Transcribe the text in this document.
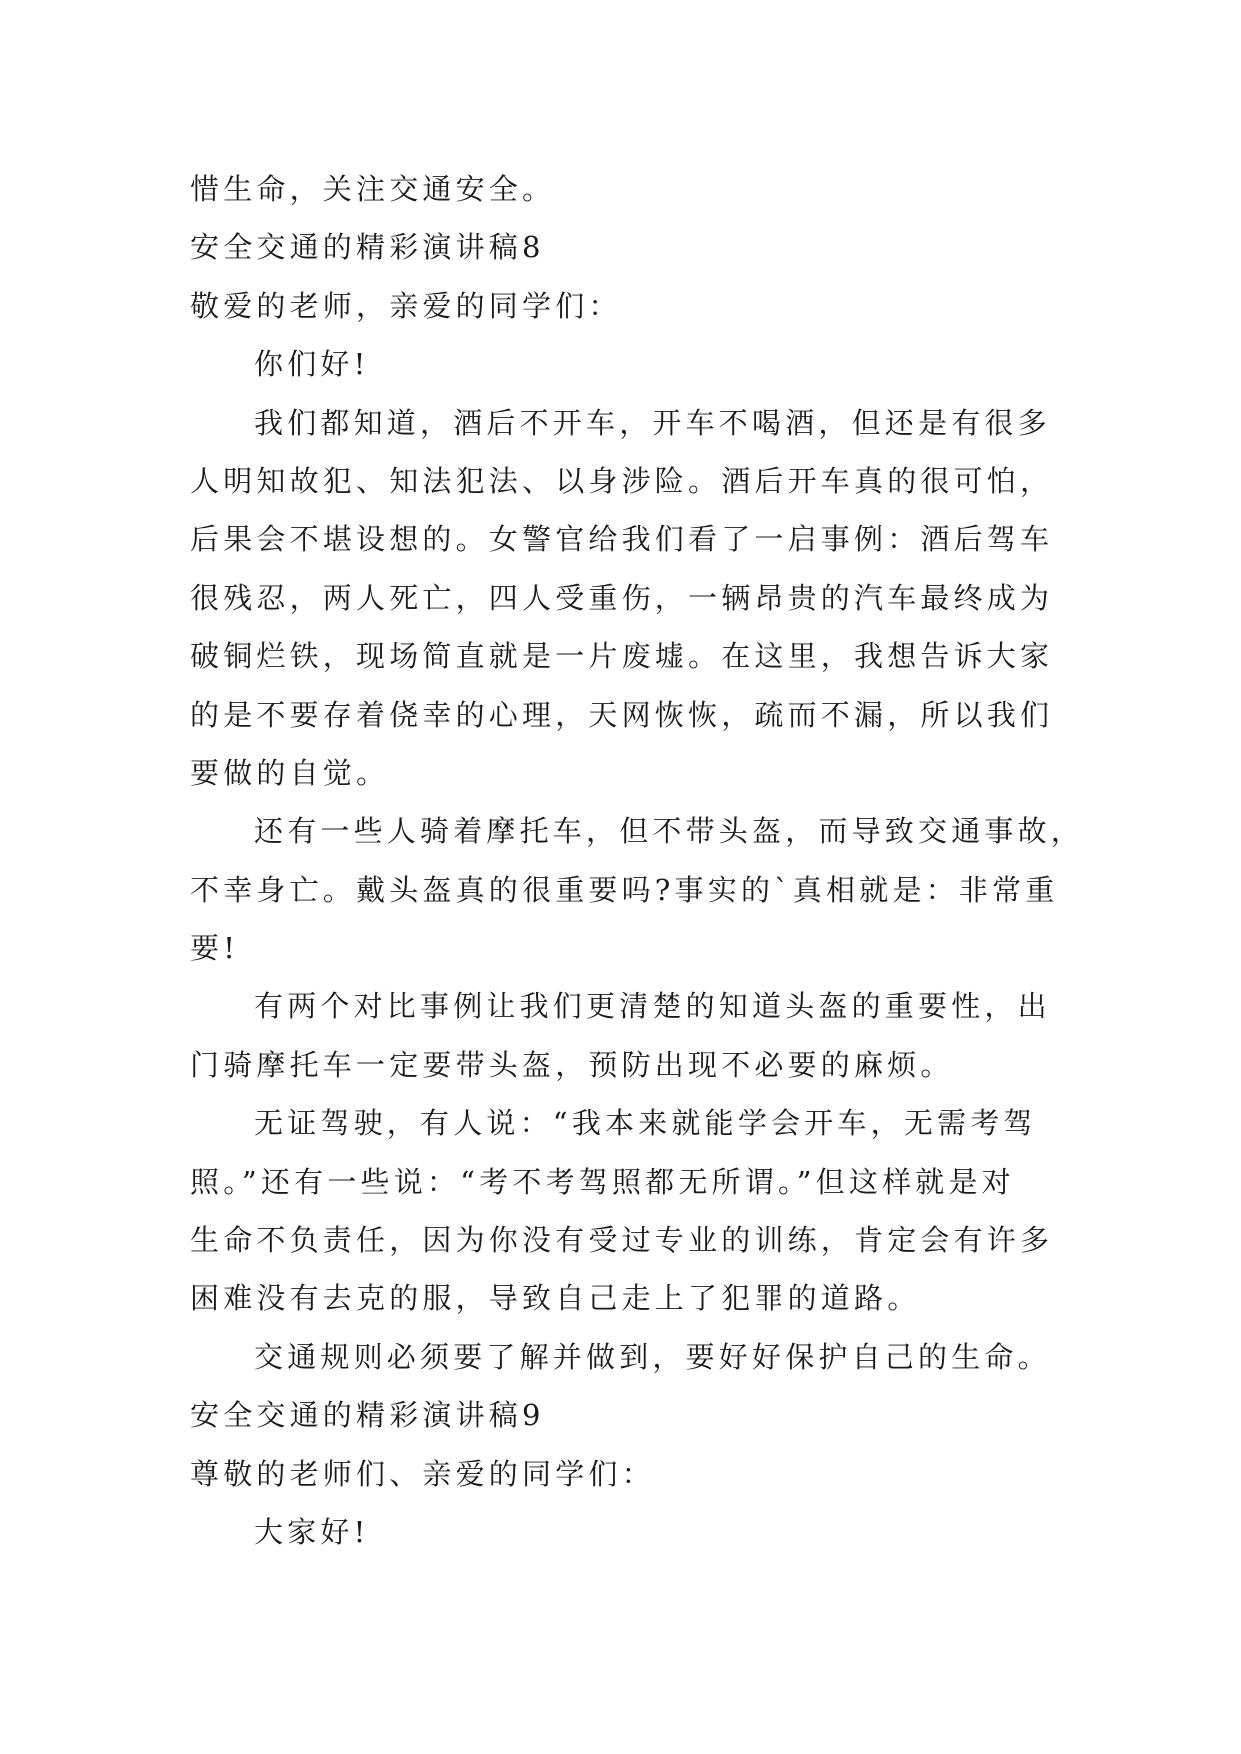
惜生命，关注交通安全。
安全交通的精彩演讲稿8
敬爱的老师，亲爱的同学们：
你们好!
我们都知道，酒后不开车，开车不喝酒，但还是有很多
人明知故犯、知法犯法、以身涉险。酒后开车真的很可怕，
后果会不堪设想的。女警官给我们看了一启事例：酒后驾车
很残忍，两人死亡，四人受重伤，一辆昂贵的汽车最终成为
破铜烂铁，现场简直就是一片废墟。在这里，我想告诉大家
的是不要存着侥幸的心理，天网恢恢，疏而不漏，所以我们
要做的自觉。
还有一些人骑着摩托车，但不带头盔，而导致交通事故，
不幸身亡。戴头盔真的很重要吗?事实的`真相就是：非常重
要!
有两个对比事例让我们更清楚的知道头盔的重要性，出
门骑摩托车一定要带头盔，预防出现不必要的麻烦。
无证驾驶，有人说：“我本来就能学会开车，无需考驾
照。”还有一些说：“考不考驾照都无所谓。”但这样就是对
生命不负责任，因为你没有受过专业的训练，肯定会有许多
困难没有去克的服，导致自己走上了犯罪的道路。
交通规则必须要了解并做到，要好好保护自己的生命。
安全交通的精彩演讲稿9
尊敬的老师们、亲爱的同学们：
大家好!
